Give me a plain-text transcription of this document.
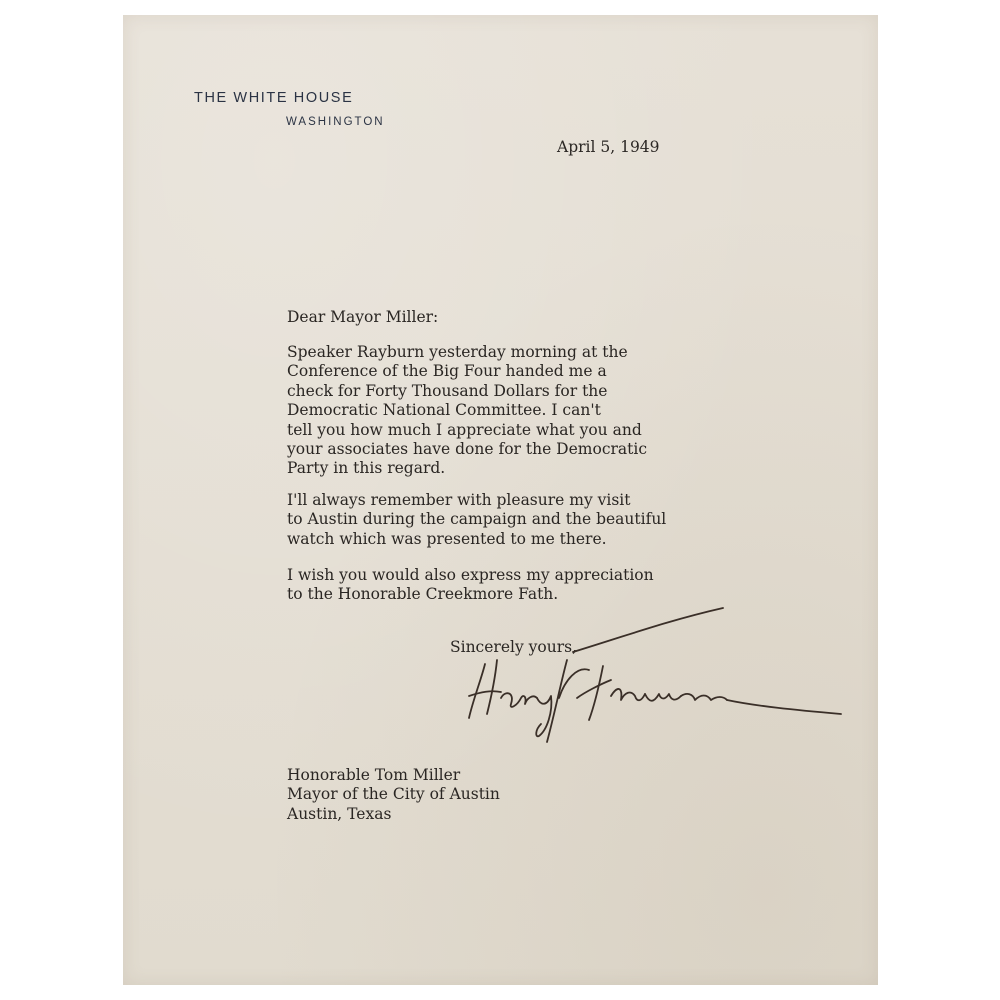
THE WHITE HOUSE
WASHINGTON
April 5, 1949
Dear Mayor Miller:
Speaker Rayburn yesterday morning at the
Conference of the Big Four handed me a
check for Forty Thousand Dollars for the
Democratic National Committee. I can't
tell you how much I appreciate what you and
your associates have done for the Democratic
Party in this regard.
I'll always remember with pleasure my visit
to Austin during the campaign and the beautiful
watch which was presented to me there.
I wish you would also express my appreciation
to the Honorable Creekmore Fath.
Sincerely yours,
Honorable Tom Miller
Mayor of the City of Austin
Austin, Texas
